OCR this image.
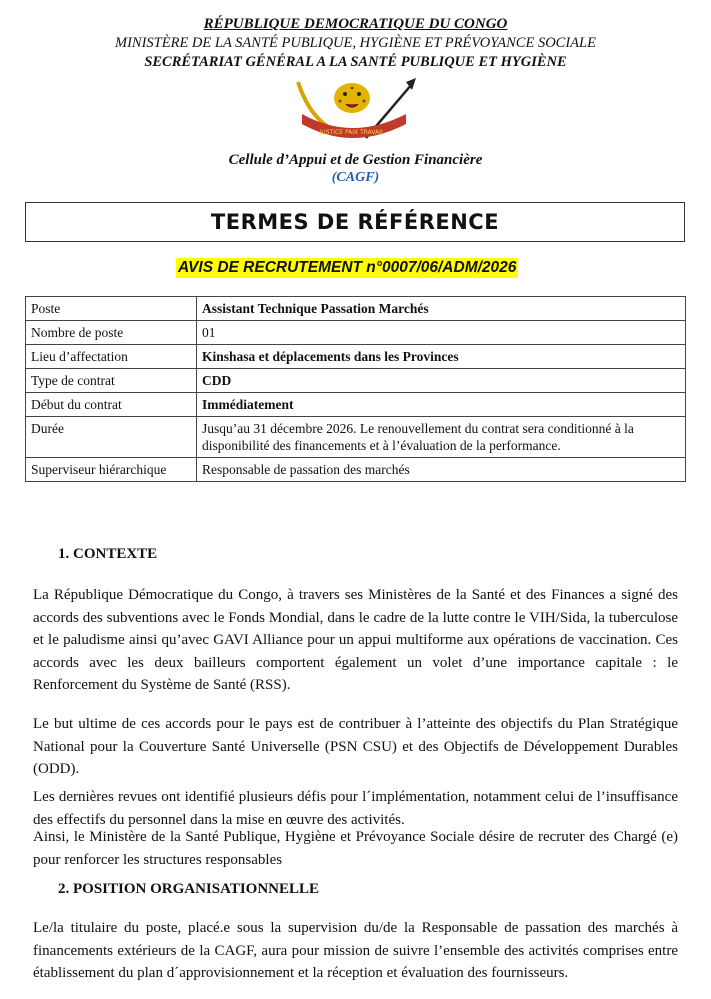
RÉPUBLIQUE DEMOCRATIQUE DU CONGO
MINISTÈRE DE LA SANTÉ PUBLIQUE, HYGIÈNE ET PRÉVOYANCE SOCIALE
SECRÉTARIAT GÉNÉRAL A LA SANTÉ PUBLIQUE ET HYGIÈNE
JUSTICE PAIX TRAVAIL
Cellule d’Appui et de Gestion Financière
(CAGF)
TERMES DE RÉFÉRENCE
AVIS DE RECRUTEMENT n°0007/06/ADM/2026
Poste	Assistant Technique Passation Marchés
Nombre de poste	01
Lieu d’affectation	Kinshasa et déplacements dans les Provinces
Type de contrat	CDD
Début du contrat	Immédiatement
Durée	Jusqu’au 31 décembre 2026. Le renouvellement du contrat sera conditionné à la disponibilité des financements et à l’évaluation de la performance.
Superviseur hiérarchique	Responsable de passation des marchés
1. CONTEXTE
La République Démocratique du Congo, à travers ses Ministères de la Santé et des Finances a signé des accords des subventions avec le Fonds Mondial, dans le cadre de la lutte contre le VIH/Sida, la tuberculose et le paludisme ainsi qu’avec GAVI Alliance pour un appui multiforme aux opérations de vaccination. Ces accords avec les deux bailleurs comportent également un volet d’une importance capitale : le Renforcement du Système de Santé (RSS).
Le but ultime de ces accords pour le pays est de contribuer à l’atteinte des objectifs du Plan Stratégique National pour la Couverture Santé Universelle (PSN CSU) et des Objectifs de Développement Durables (ODD).
Les dernières revues ont identifié plusieurs défis pour l´implémentation, notamment celui de l’insuffisance des effectifs du personnel dans la mise en œuvre des activités.
Ainsi, le Ministère de la Santé Publique, Hygiène et Prévoyance Sociale désire de recruter des Chargé (e) pour renforcer les structures responsables
2. POSITION ORGANISATIONNELLE
Le/la titulaire du poste, placé.e sous la supervision du/de la Responsable de passation des marchés à financements extérieurs de la CAGF, aura pour mission de suivre l’ensemble des activités comprises entre établissement du plan d´approvisionnement et la réception et évaluation des fournisseurs.
